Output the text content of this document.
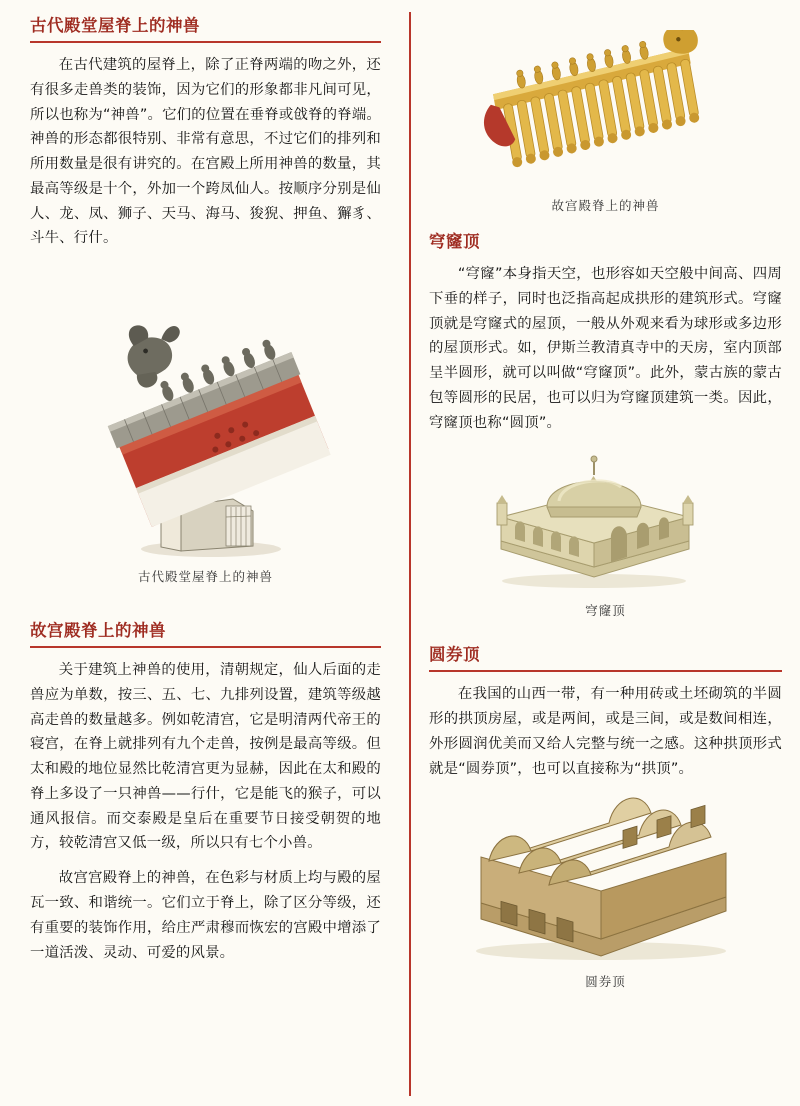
古代殿堂屋脊上的神兽

在古代建筑的屋脊上，除了正脊两端的吻之外，还有很多走兽类的装饰，因为它们的形象都非凡间可见，所以也称为“神兽”。它们的位置在垂脊或戗脊的脊端。神兽的形态都很特别、非常有意思，不过它们的排列和所用数量是很有讲究的。在宫殿上所用神兽的数量，其最高等级是十个，外加一个跨凤仙人。按顺序分别是仙人、龙、凤、狮子、天马、海马、狻猊、押鱼、獬豸、斗牛、行什。

古代殿堂屋脊上的神兽
故宫殿脊上的神兽

关于建筑上神兽的使用，清朝规定，仙人后面的走兽应为单数，按三、五、七、九排列设置，建筑等级越高走兽的数量越多。例如乾清宫，它是明清两代帝王的寝宫，在脊上就排列有九个走兽，按例是最高等级。但太和殿的地位显然比乾清宫更为显赫，因此在太和殿的脊上多设了一只神兽——行什，它是能飞的猴子，可以通风报信。而交泰殿是皇后在重要节日接受朝贺的地方，较乾清宫又低一级，所以只有七个小兽。

故宫宫殿脊上的神兽，在色彩与材质上均与殿的屋瓦一致、和谐统一。它们立于脊上，除了区分等级，还有重要的装饰作用，给庄严肃穆而恢宏的宫殿中增添了一道活泼、灵动、可爱的风景。

故宫殿脊上的神兽
穹窿顶

“穹窿”本身指天空，也形容如天空般中间高、四周下垂的样子，同时也泛指高起成拱形的建筑形式。穹窿顶就是穹窿式的屋顶，一般从外观来看为球形或多边形的屋顶形式。如，伊斯兰教清真寺中的天房，室内顶部呈半圆形，就可以叫做“穹窿顶”。此外，蒙古族的蒙古包等圆形的民居，也可以归为穹窿顶建筑一类。因此，穹窿顶也称“圆顶”。

穹窿顶
圆券顶

在我国的山西一带，有一种用砖或土坯砌筑的半圆形的拱顶房屋，或是两间，或是三间，或是数间相连，外形圆润优美而又给人完整与统一之感。这种拱顶形式就是“圆券顶”，也可以直接称为“拱顶”。

圆券顶
